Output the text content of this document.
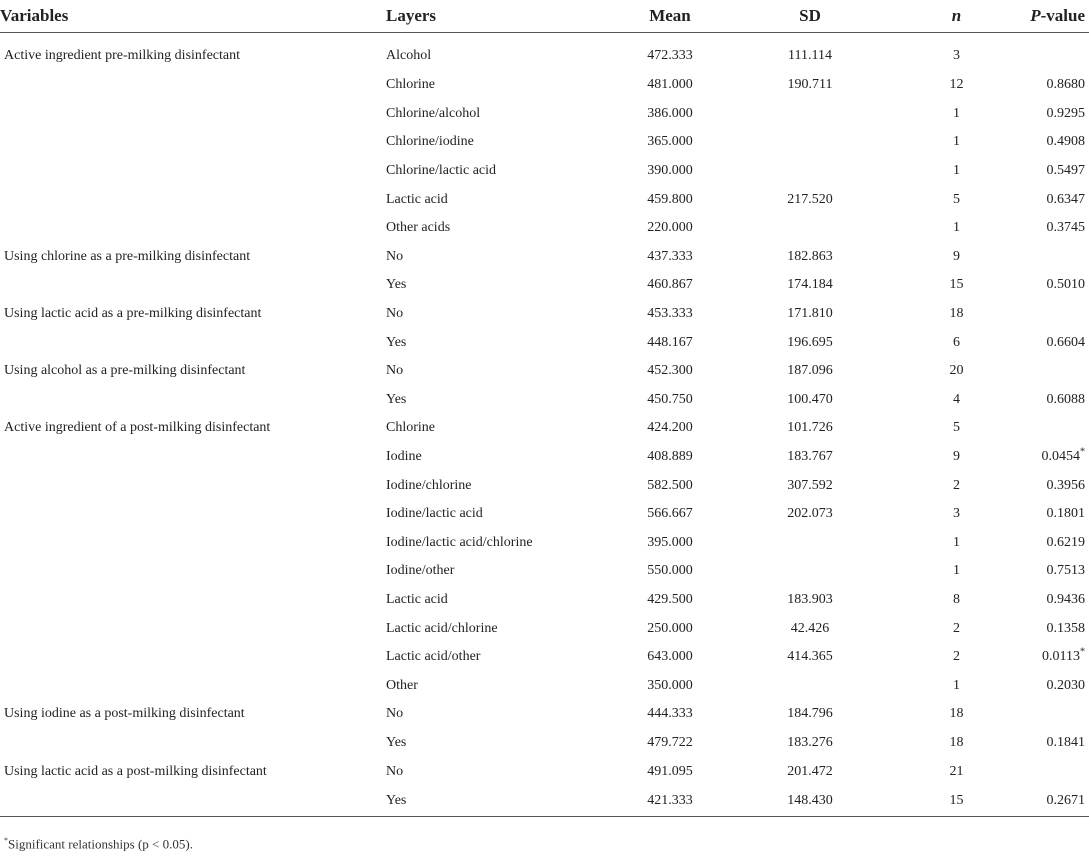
Variables	Layers	Mean	SD	n	P-value
Active ingredient pre-milking disinfectant	Alcohol	472.333	111.114	3	
	Chlorine	481.000	190.711	12	0.8680
	Chlorine/alcohol	386.000		1	0.9295
	Chlorine/iodine	365.000		1	0.4908
	Chlorine/lactic acid	390.000		1	0.5497
	Lactic acid	459.800	217.520	5	0.6347
	Other acids	220.000		1	0.3745
Using chlorine as a pre-milking disinfectant	No	437.333	182.863	9	
	Yes	460.867	174.184	15	0.5010
Using lactic acid as a pre-milking disinfectant	No	453.333	171.810	18	
	Yes	448.167	196.695	6	0.6604
Using alcohol as a pre-milking disinfectant	No	452.300	187.096	20	
	Yes	450.750	100.470	4	0.6088
Active ingredient of a post-milking disinfectant	Chlorine	424.200	101.726	5	
	Iodine	408.889	183.767	9	0.0454*
	Iodine/chlorine	582.500	307.592	2	0.3956
	Iodine/lactic acid	566.667	202.073	3	0.1801
	Iodine/lactic acid/chlorine	395.000		1	0.6219
	Iodine/other	550.000		1	0.7513
	Lactic acid	429.500	183.903	8	0.9436
	Lactic acid/chlorine	250.000	42.426	2	0.1358
	Lactic acid/other	643.000	414.365	2	0.0113*
	Other	350.000		1	0.2030
Using iodine as a post-milking disinfectant	No	444.333	184.796	18	
	Yes	479.722	183.276	18	0.1841
Using lactic acid as a post-milking disinfectant	No	491.095	201.472	21	
	Yes	421.333	148.430	15	0.2671
*Significant relationships (p < 0.05).
